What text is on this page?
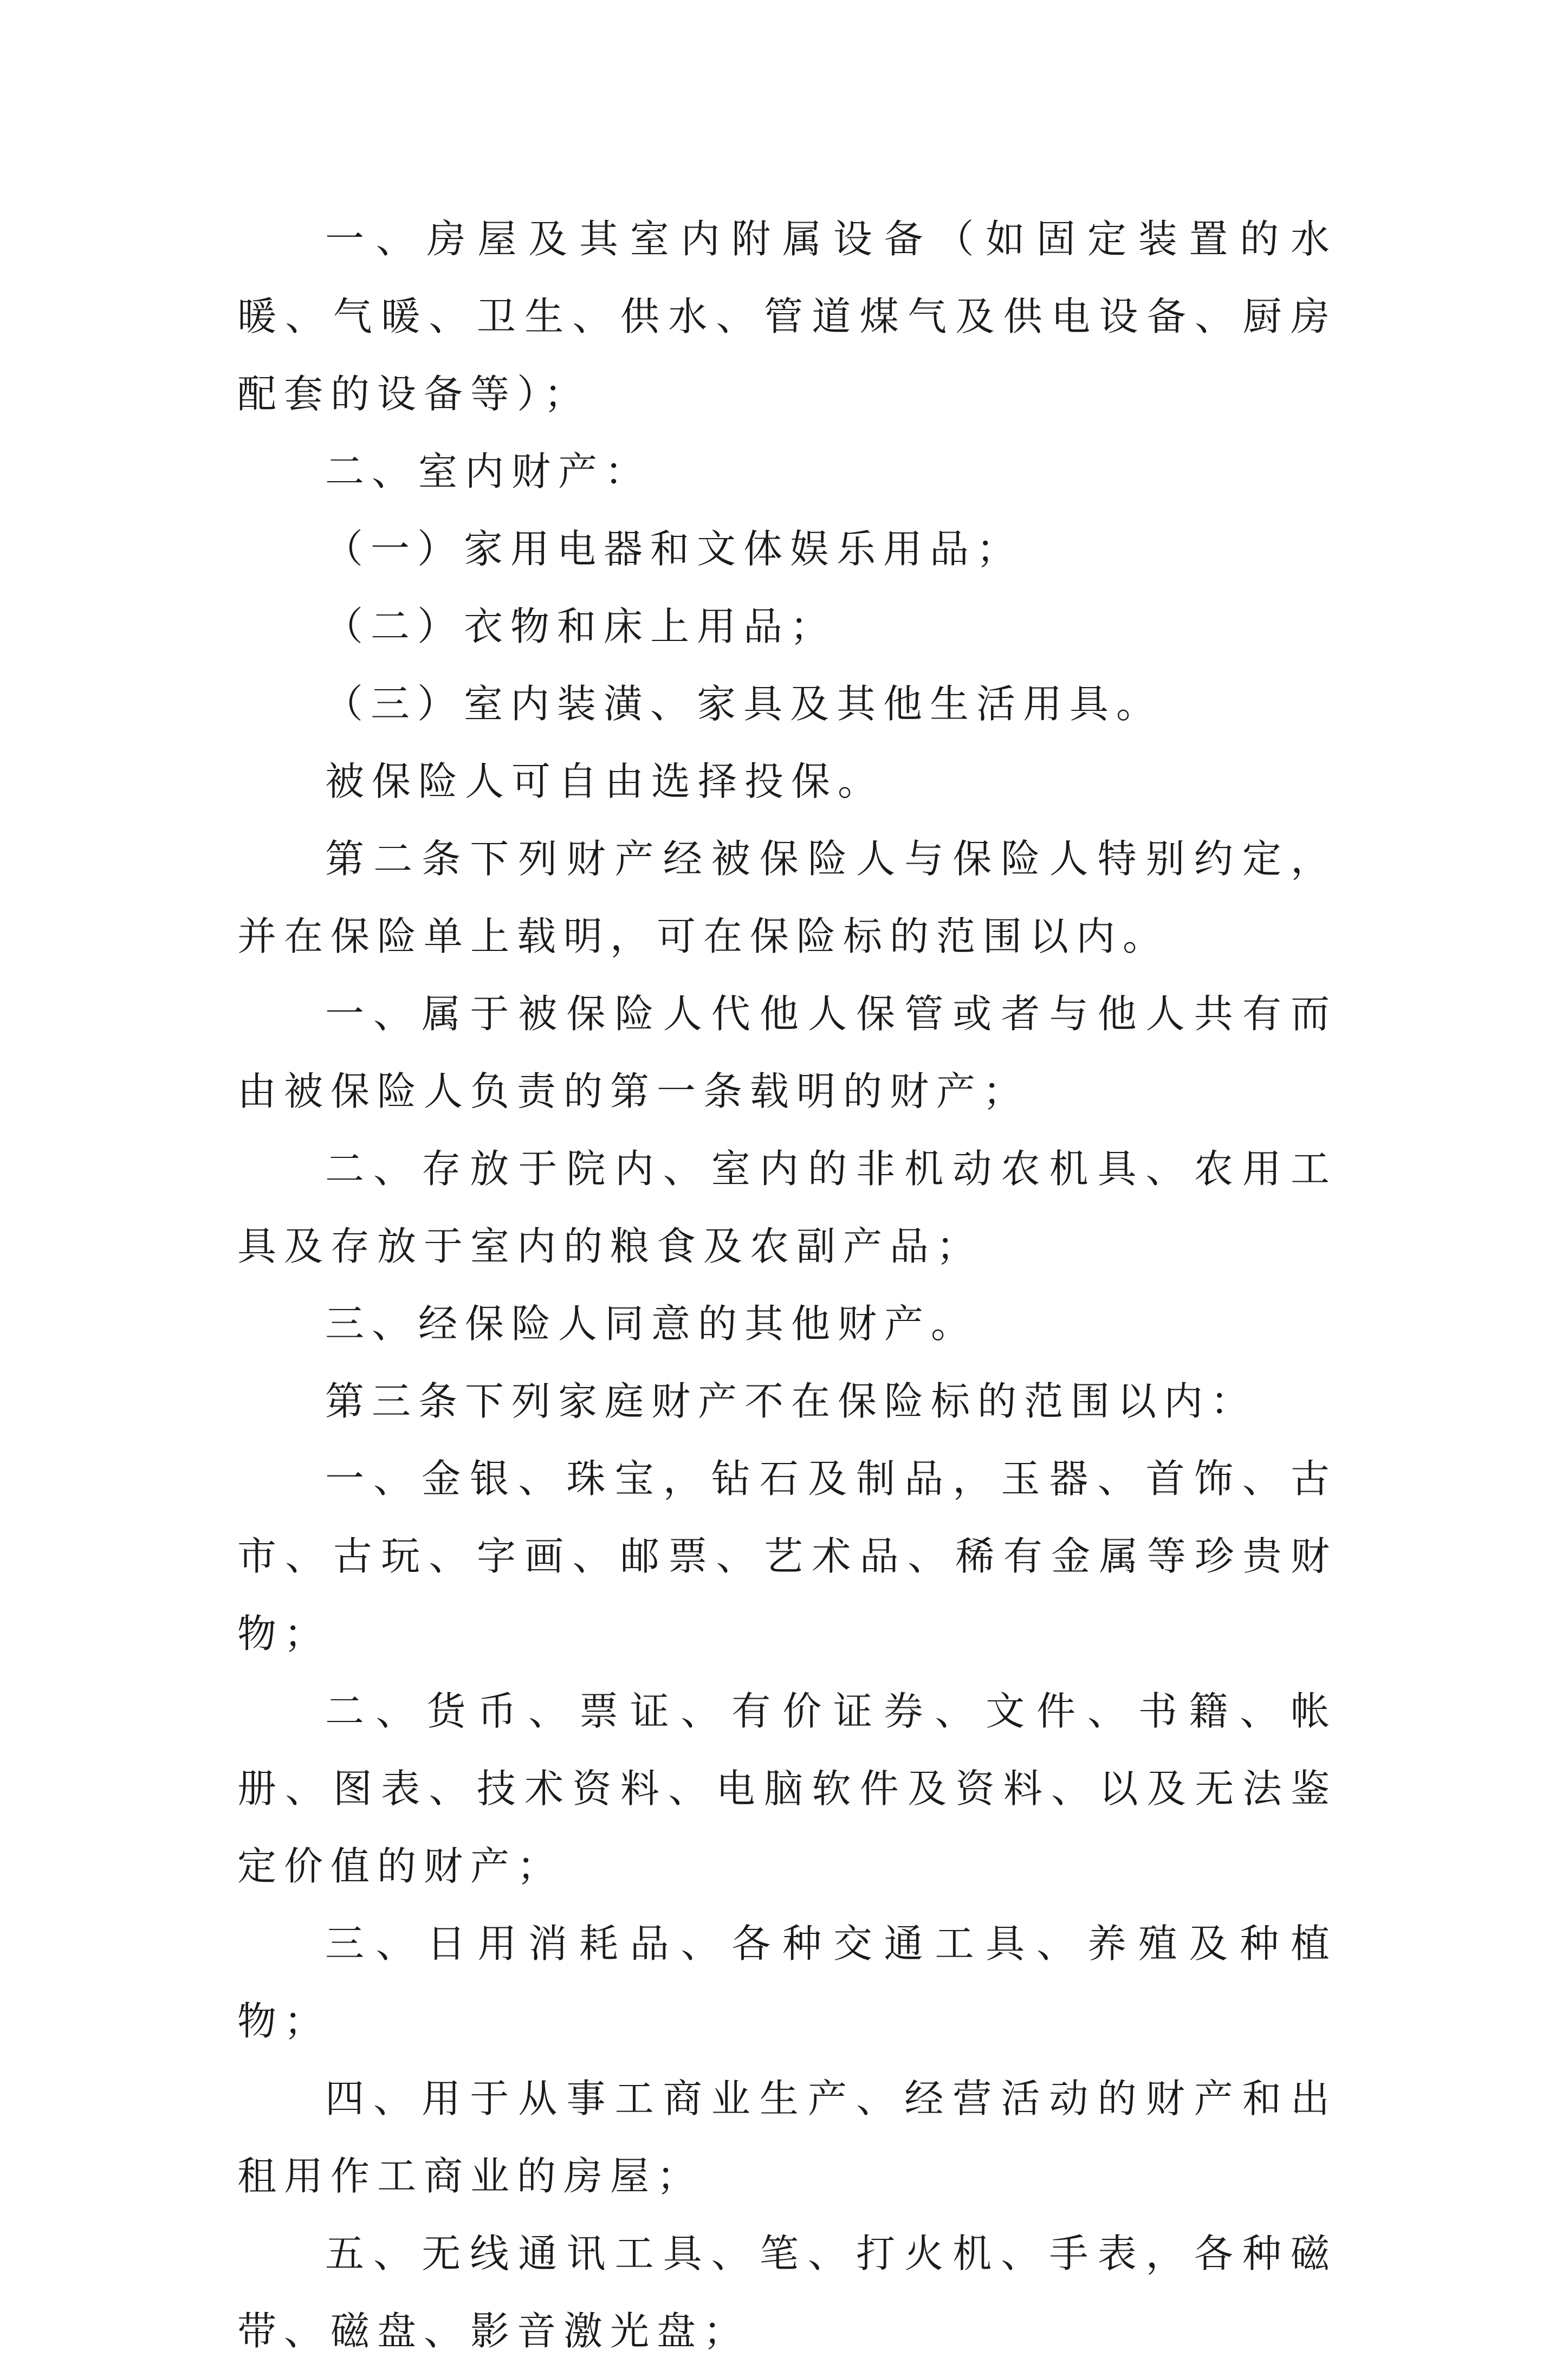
一、房屋及其室内附属设备（如固定装置的水暖、气暖、卫生、供水、管道煤气及供电设备、厨房配套的设备等）；

二、室内财产：

（一）家用电器和文体娱乐用品；

（二）衣物和床上用品；

（三）室内装潢、家具及其他生活用具。

被保险人可自由选择投保。

第二条下列财产经被保险人与保险人特别约定，并在保险单上载明，可在保险标的范围以内。

一、属于被保险人代他人保管或者与他人共有而由被保险人负责的第一条载明的财产；

二、存放于院内、室内的非机动农机具、农用工具及存放于室内的粮食及农副产品；

三、经保险人同意的其他财产。

第三条下列家庭财产不在保险标的范围以内：

一、金银、珠宝，钻石及制品，玉器、首饰、古市、古玩、字画、邮票、艺术品、稀有金属等珍贵财物；

二、货币、票证、有价证券、文件、书籍、帐册、图表、技术资料、电脑软件及资料、以及无法鉴定价值的财产；

三、日用消耗品、各种交通工具、养殖及种植物；

四、用于从事工商业生产、经营活动的财产和出租用作工商业的房屋；

五、无线通讯工具、笔、打火机、手表，各种磁带、磁盘、影音激光盘；
